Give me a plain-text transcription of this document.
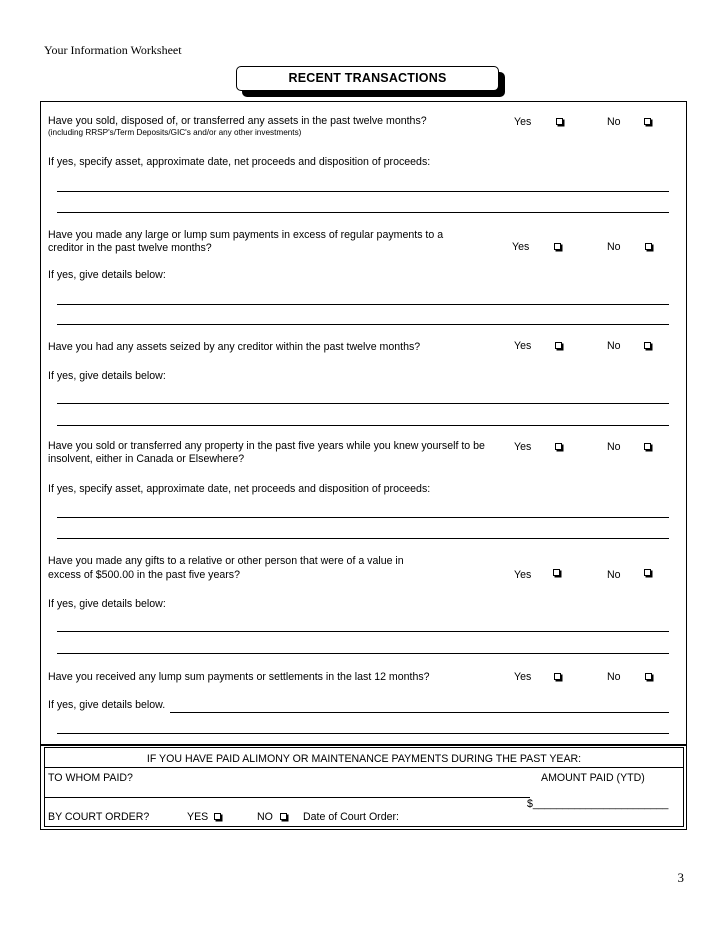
Your Information Worksheet
RECENT TRANSACTIONS
Have you sold, disposed of, or transferred any assets in the past twelve months?
(including RRSP's/Term Deposits/GIC's and/or any other investments)
Yes	No
If yes, specify asset, approximate date, net proceeds and disposition of proceeds:
Have you made any large or lump sum payments in excess of regular payments to a
creditor in the past twelve months?	Yes	No
If yes, give details below:
Have you had any assets seized by any creditor within the past twelve months?	Yes	No
If yes, give details below:
Have you sold or transferred any property in the past five years while you knew yourself to be
insolvent, either in Canada or Elsewhere?
Yes	No
If yes, specify asset, approximate date, net proceeds and disposition of proceeds:
Have you made any gifts to a relative or other person that were of a value in
excess of $500.00 in the past five years?	Yes	No
If yes, give details below:
Have you received any lump sum payments or settlements in the last 12 months?	Yes	No
If yes, give details below.
IF YOU HAVE PAID ALIMONY OR MAINTENANCE PAYMENTS DURING THE PAST YEAR:
TO WHOM PAID?	AMOUNT PAID (YTD)
$_______________________
BY COURT ORDER?	YES	NO	Date of Court Order:
3
